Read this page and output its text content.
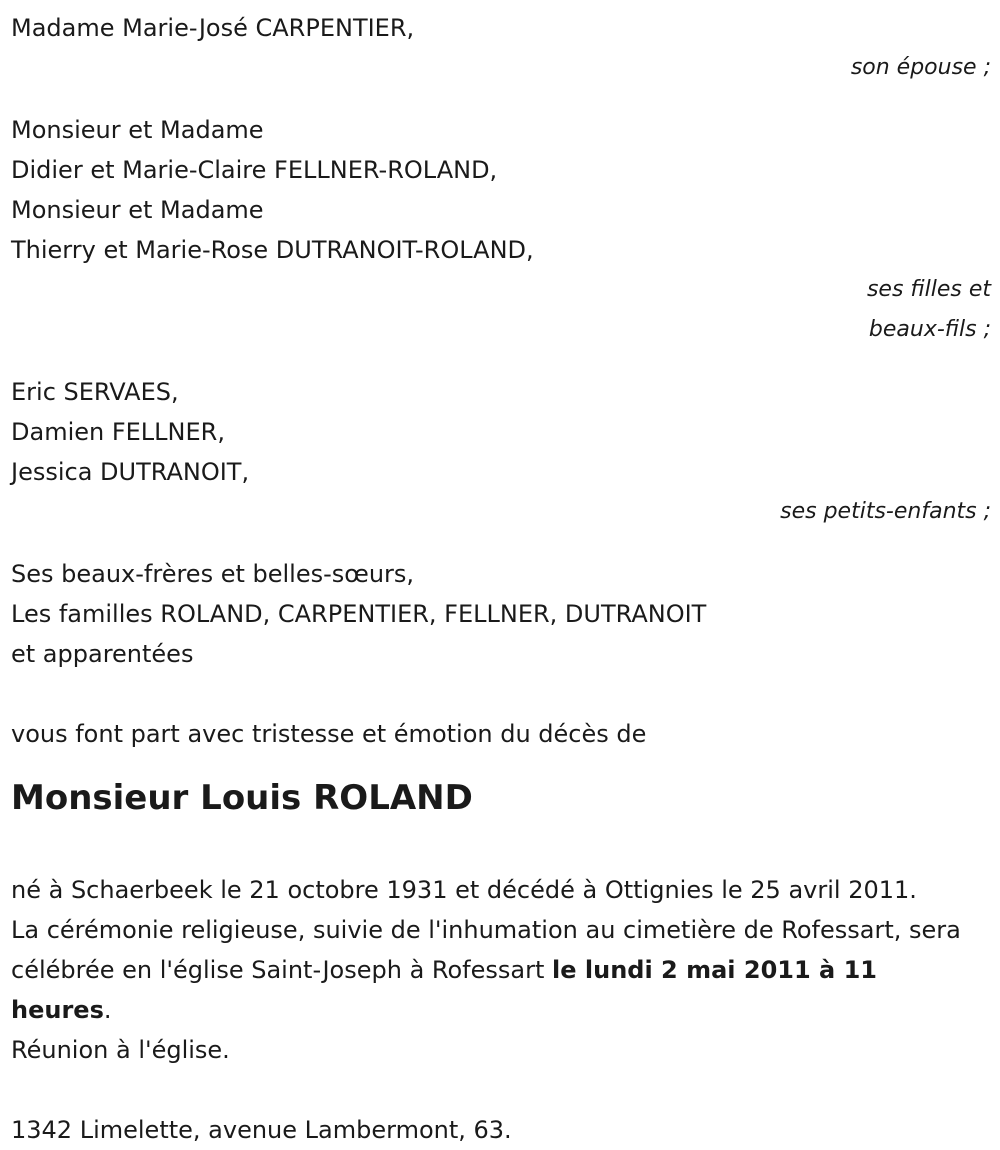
Madame Marie-José CARPENTIER,
son épouse ;
Monsieur et Madame
Didier et Marie-Claire FELLNER-ROLAND,
Monsieur et Madame
Thierry et Marie-Rose DUTRANOIT-ROLAND,
ses filles et
beaux-fils ;
Eric SERVAES,
Damien FELLNER,
Jessica DUTRANOIT,
ses petits-enfants ;
Ses beaux-frères et belles-sœurs,
Les familles ROLAND, CARPENTIER, FELLNER, DUTRANOIT
et apparentées
vous font part avec tristesse et émotion du décès de
Monsieur Louis ROLAND
né à Schaerbeek le 21 octobre 1931 et décédé à Ottignies le 25 avril 2011.
La cérémonie religieuse, suivie de l'inhumation au cimetière de Rofessart, sera célébrée en l'église Saint-Joseph à Rofessart le lundi 2 mai 2011 à 11 heures.
Réunion à l'église.
1342 Limelette, avenue Lambermont, 63.
